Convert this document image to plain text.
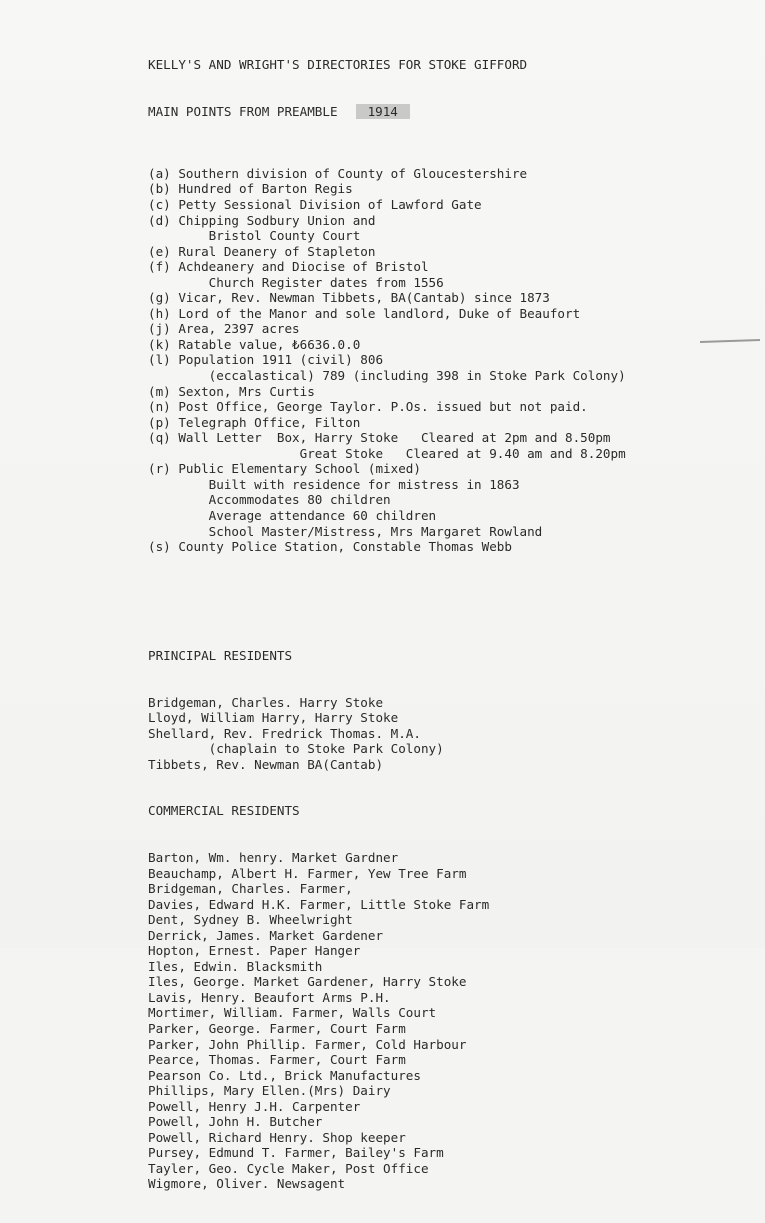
KELLY'S AND WRIGHT'S DIRECTORIES FOR STOKE GIFFORD

MAIN POINTS FROM PREAMBLE 1914

(a) Southern division of County of Gloucestershire
(b) Hundred of Barton Regis
(c) Petty Sessional Division of Lawford Gate
(d) Chipping Sodbury Union and
Bristol County Court
(e) Rural Deanery of Stapleton
(f) Achdeanery and Diocise of Bristol
Church Register dates from 1556
(g) Vicar, Rev. Newman Tibbets, BA(Cantab) since 1873
(h) Lord of the Manor and sole landlord, Duke of Beaufort
(j) Area, 2397 acres
(k) Ratable value, ₺6636.0.0
(l) Population 1911 (civil) 806
(eccalastical) 789 (including 398 in Stoke Park Colony)
(m) Sexton, Mrs Curtis
(n) Post Office, George Taylor. P.Os. issued but not paid.
(p) Telegraph Office, Filton
(q) Wall Letter  Box, Harry Stoke   Cleared at 2pm and 8.50pm
Great Stoke   Cleared at 9.40 am and 8.20pm
(r) Public Elementary School (mixed)
Built with residence for mistress in 1863
Accommodates 80 children
Average attendance 60 children
School Master/Mistress, Mrs Margaret Rowland
(s) County Police Station, Constable Thomas Webb

PRINCIPAL RESIDENTS

Bridgeman, Charles. Harry Stoke
Lloyd, William Harry, Harry Stoke
Shellard, Rev. Fredrick Thomas. M.A.
(chaplain to Stoke Park Colony)
Tibbets, Rev. Newman BA(Cantab)

COMMERCIAL RESIDENTS

Barton, Wm. henry. Market Gardner
Beauchamp, Albert H. Farmer, Yew Tree Farm
Bridgeman, Charles. Farmer,
Davies, Edward H.K. Farmer, Little Stoke Farm
Dent, Sydney B. Wheelwright
Derrick, James. Market Gardener
Hopton, Ernest. Paper Hanger
Iles, Edwin. Blacksmith
Iles, George. Market Gardener, Harry Stoke
Lavis, Henry. Beaufort Arms P.H.
Mortimer, William. Farmer, Walls Court
Parker, George. Farmer, Court Farm
Parker, John Phillip. Farmer, Cold Harbour
Pearce, Thomas. Farmer, Court Farm
Pearson Co. Ltd., Brick Manufactures
Phillips, Mary Ellen.(Mrs) Dairy
Powell, Henry J.H. Carpenter
Powell, John H. Butcher
Powell, Richard Henry. Shop keeper
Pursey, Edmund T. Farmer, Bailey's Farm
Tayler, Geo. Cycle Maker, Post Office
Wigmore, Oliver. Newsagent
